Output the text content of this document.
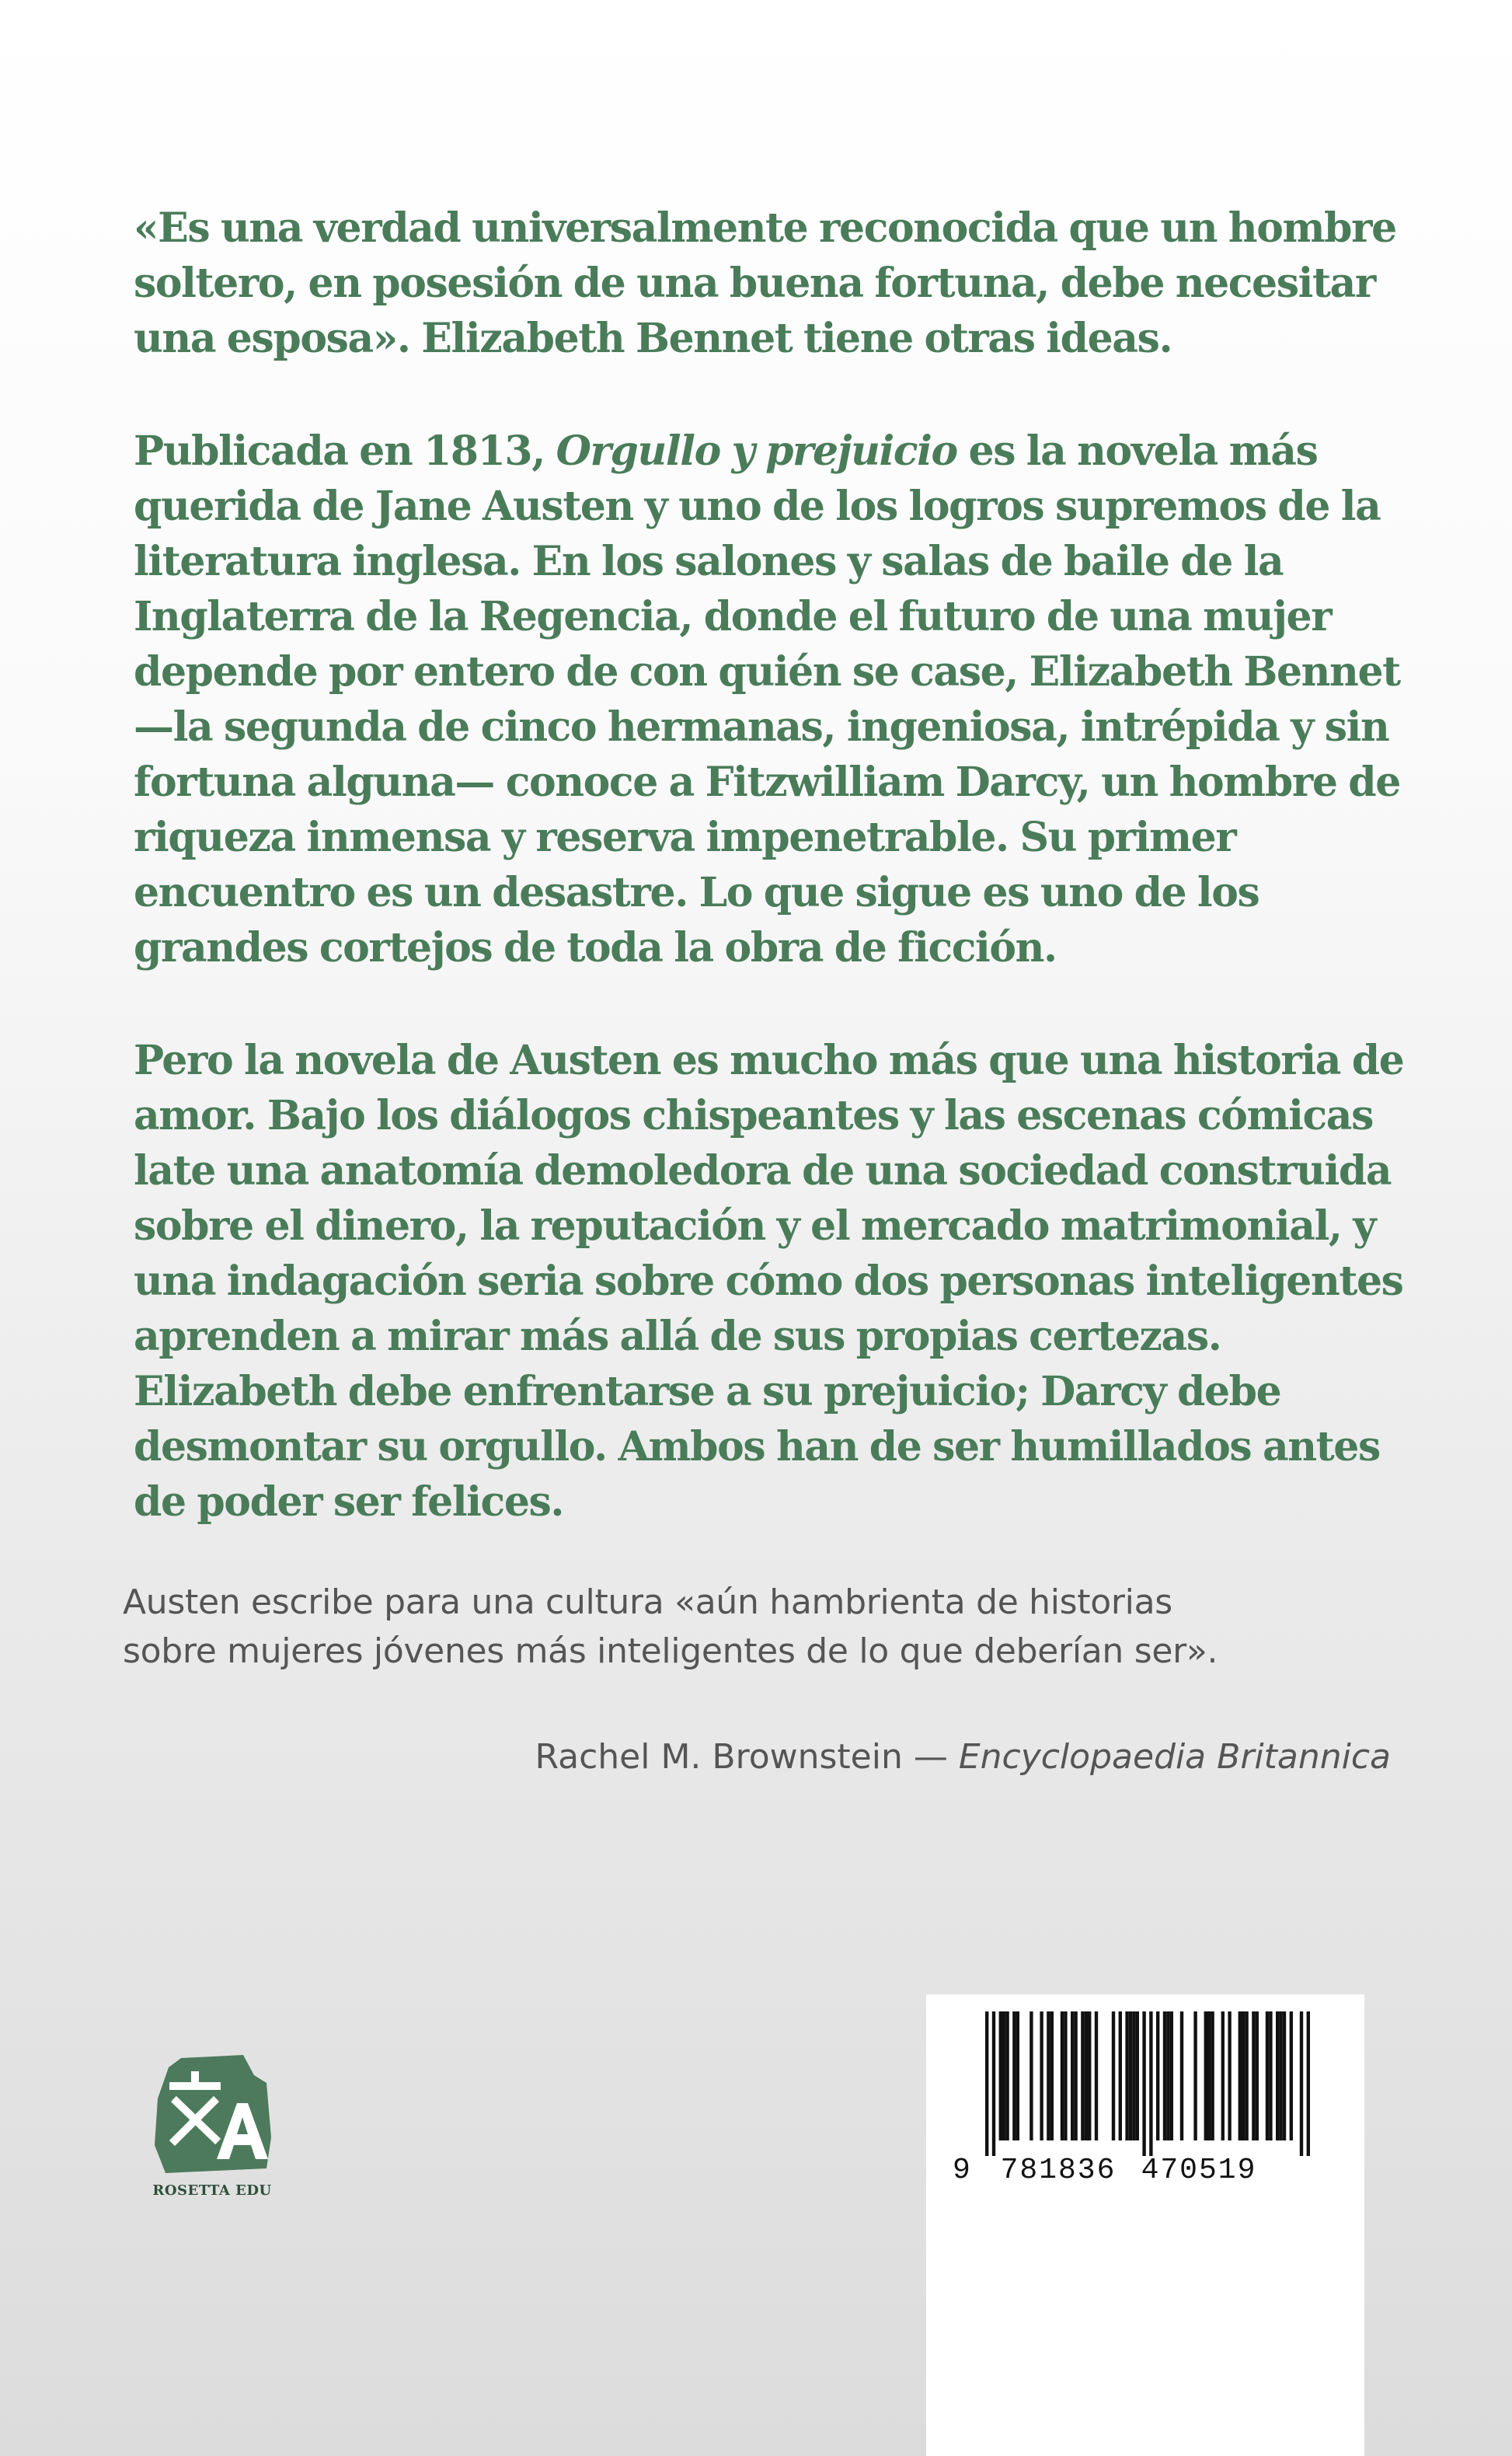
«Es una verdad universalmente reconocida que un hombre soltero, en posesión de una buena fortuna, debe necesitar una esposa». Elizabeth Bennet tiene otras ideas.

Publicada en 1813, Orgullo y prejuicio es la novela más querida de Jane Austen y uno de los logros supremos de la literatura inglesa. En los salones y salas de baile de la Inglaterra de la Regencia, donde el futuro de una mujer depende por entero de con quién se case, Elizabeth Bennet —la segunda de cinco hermanas, ingeniosa, intrépida y sin fortuna alguna— conoce a Fitzwilliam Darcy, un hombre de riqueza inmensa y reserva impenetrable. Su primer encuentro es un desastre. Lo que sigue es uno de los grandes cortejos de toda la obra de ficción.

Pero la novela de Austen es mucho más que una historia de amor. Bajo los diálogos chispeantes y las escenas cómicas late una anatomía demoledora de una sociedad construida sobre el dinero, la reputación y el mercado matrimonial, y una indagación seria sobre cómo dos personas inteligentes aprenden a mirar más allá de sus propias certezas. Elizabeth debe enfrentarse a su prejuicio; Darcy debe desmontar su orgullo. Ambos han de ser humillados antes de poder ser felices.

Austen escribe para una cultura «aún hambrienta de historias

sobre mujeres jóvenes más inteligentes de lo que deberían ser».

Rachel M. Brownstein — Encyclopaedia Britannica
ROSETTA EDU
9 781836 470519
